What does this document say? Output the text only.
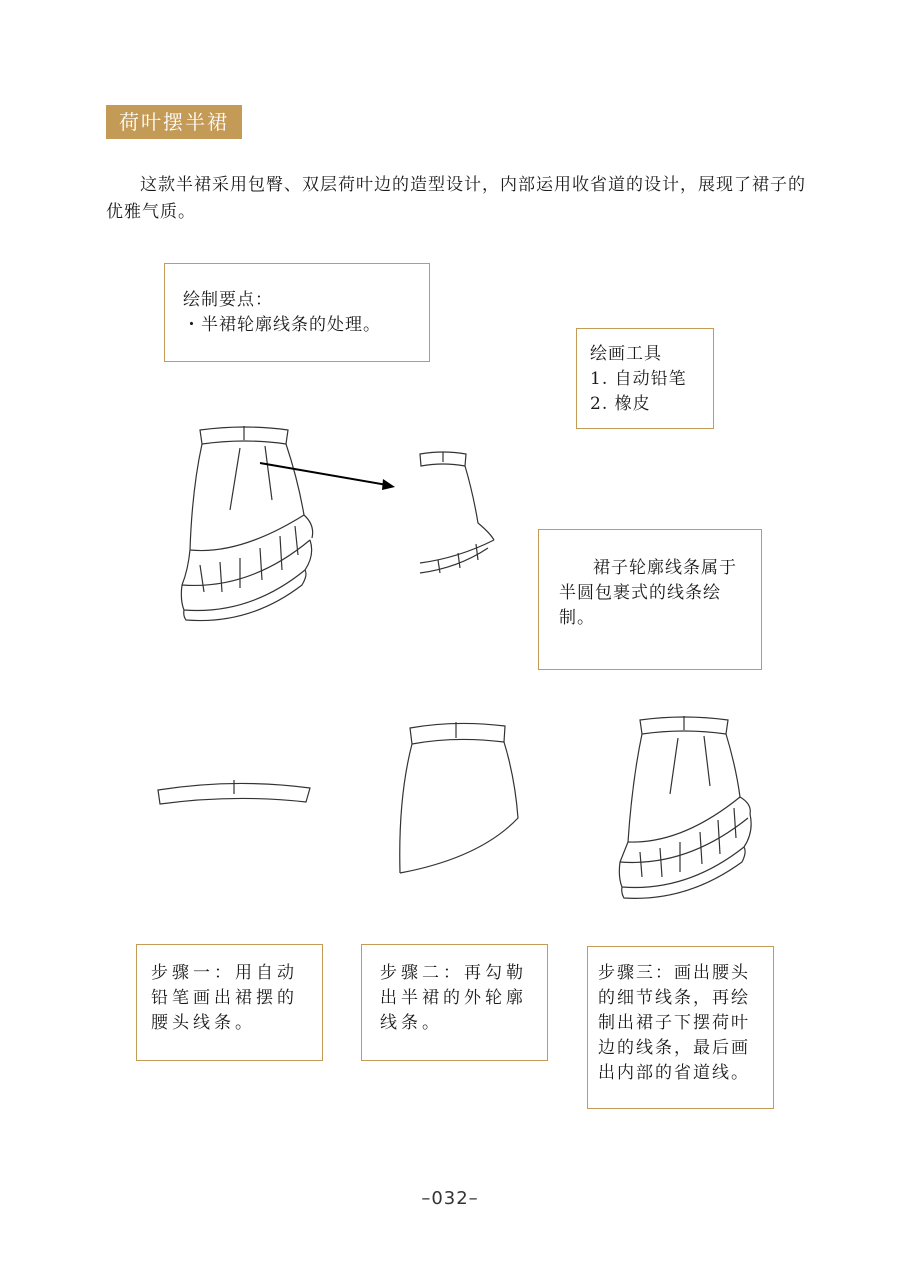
荷叶摆半裙

这款半裙采用包臀、双层荷叶边的造型设计，内部运用收省道的设计，展现了裙子的优雅气质。

绘制要点：
・半裙轮廓线条的处理。
绘画工具
1. 自动铅笔
2. 橡皮
裙子轮廓线条属于半圆包裹式的线条绘制。
步骤一：用自动铅笔画出裙摆的腰头线条。
步骤二：再勾勒出半裙的外轮廓线条。
步骤三：画出腰头的细节线条，再绘制出裙子下摆荷叶边的线条，最后画出内部的省道线。
–032–
